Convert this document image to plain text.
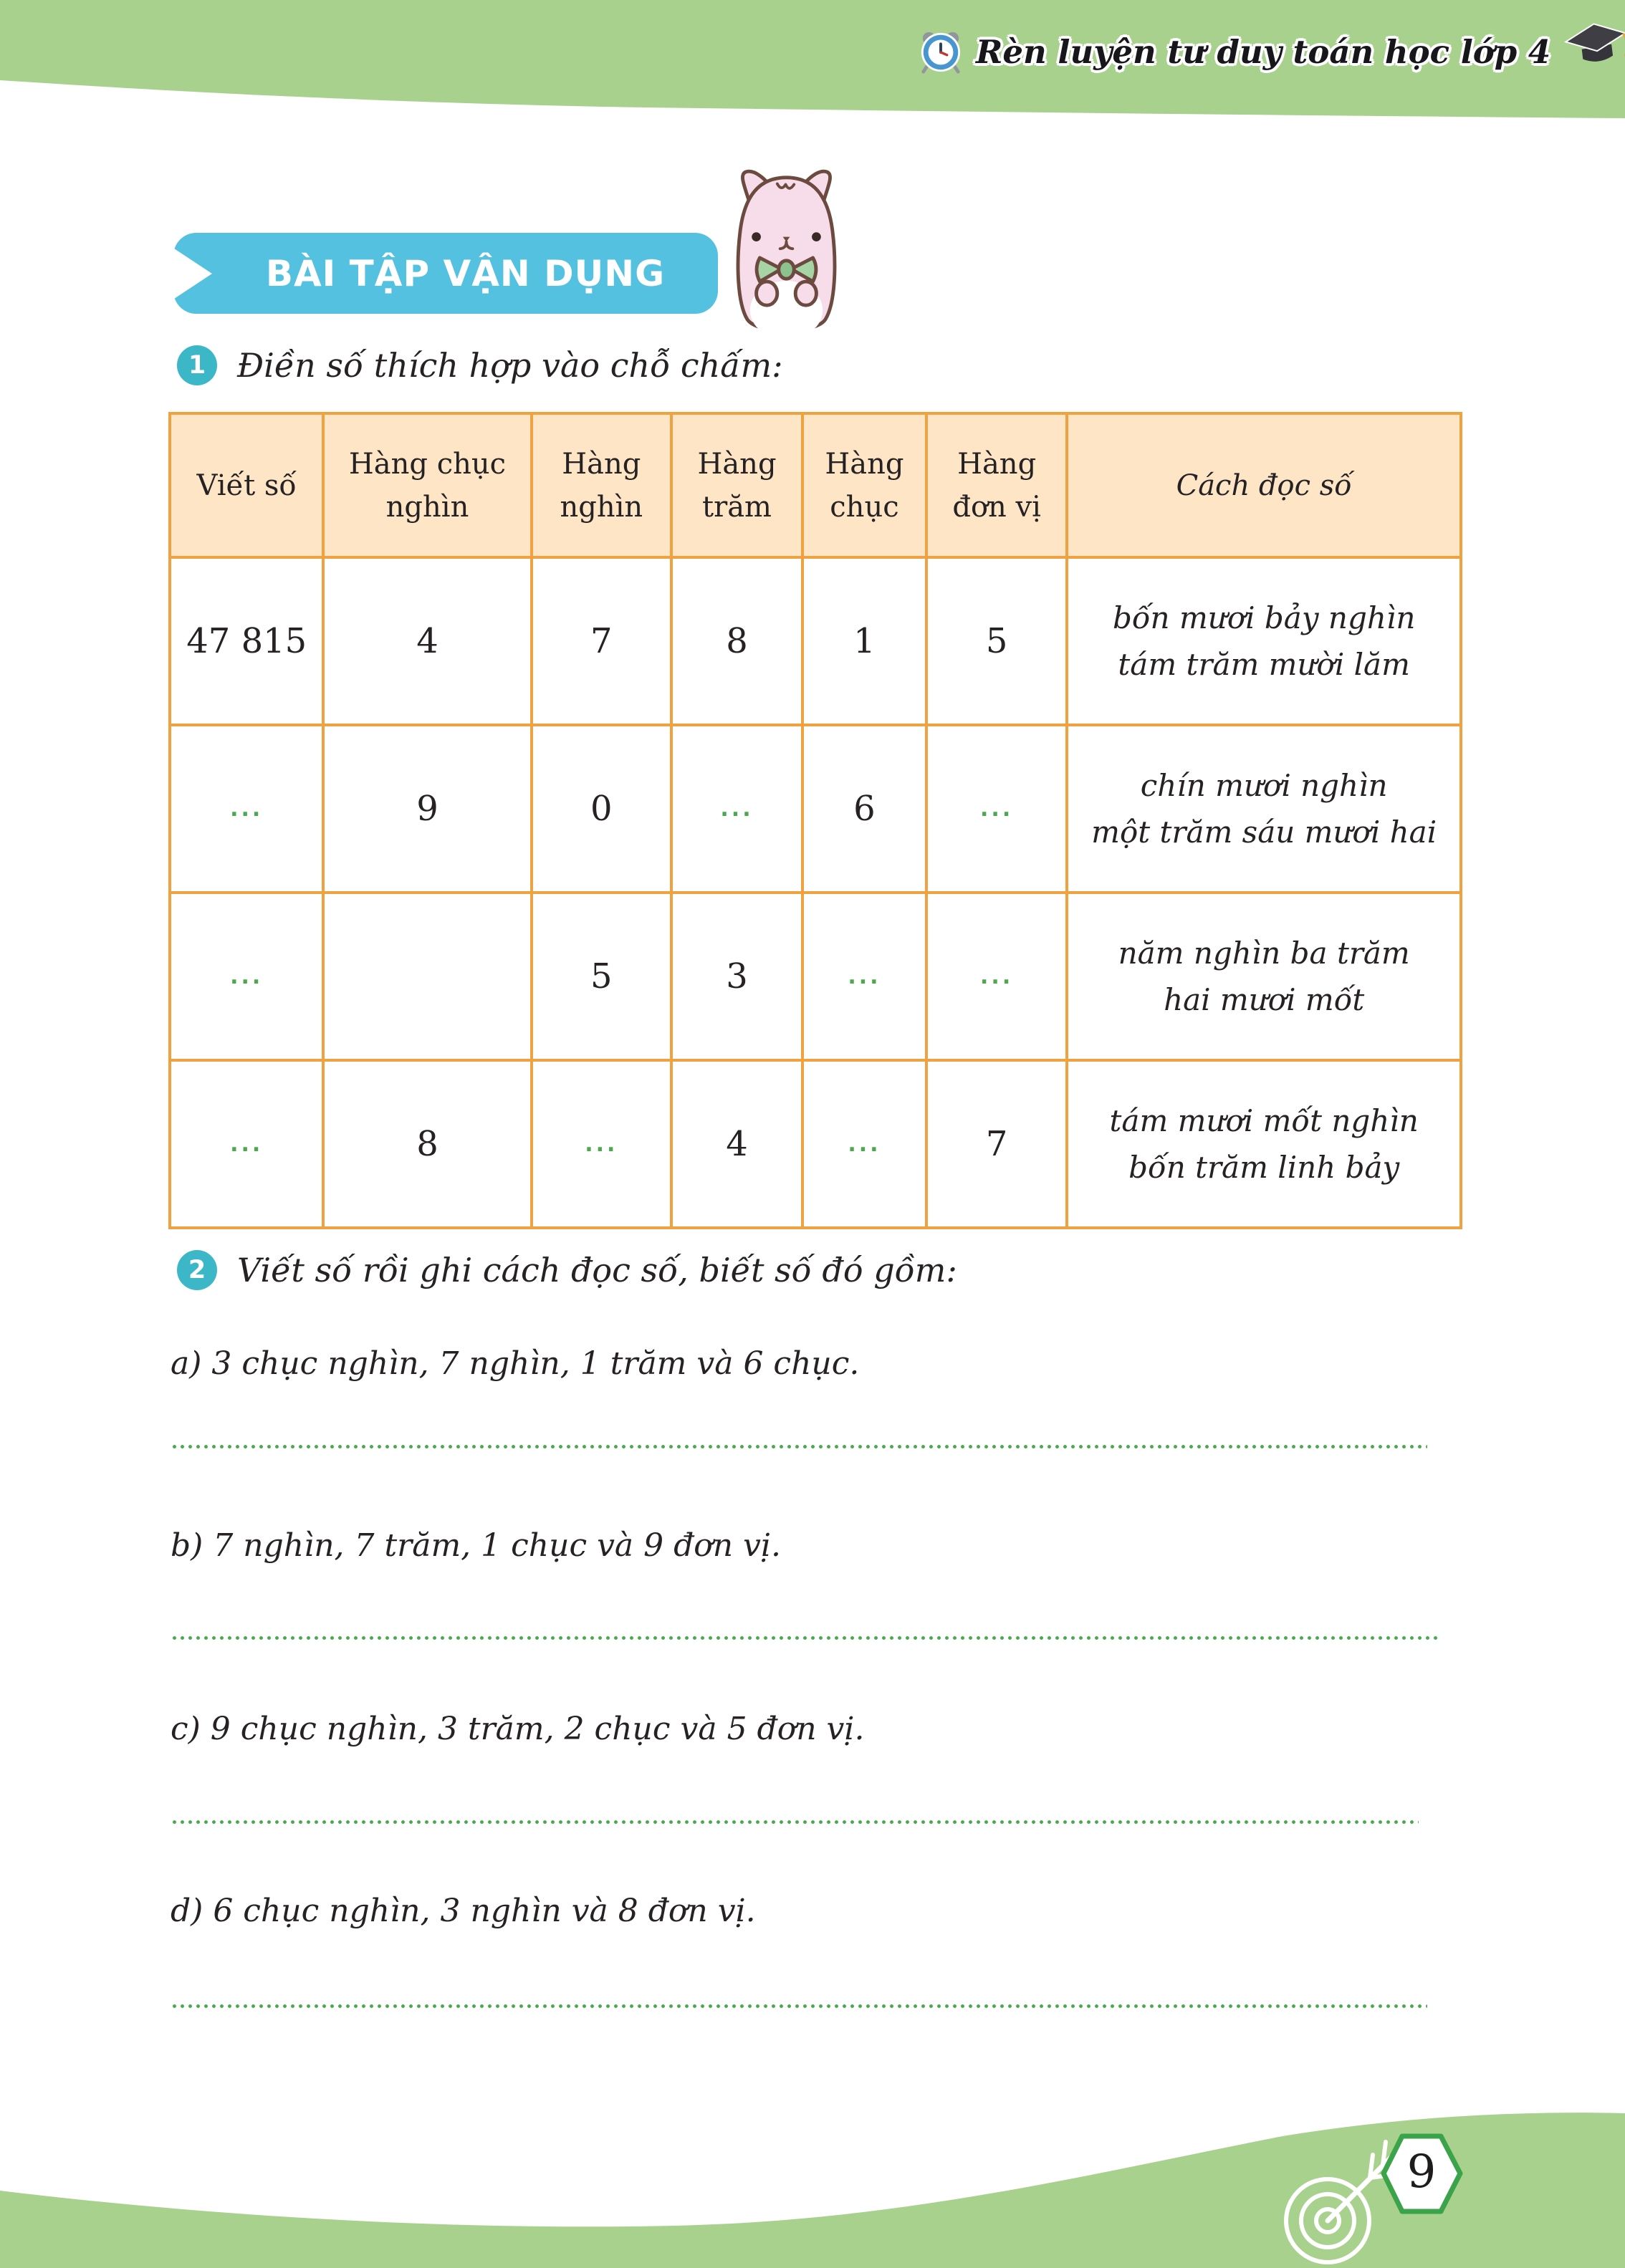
Rèn luyện tư duy toán học lớp 4
BÀI TẬP VẬN DỤNG
1 Điền số thích hợp vào chỗ chấm:
Viết số	Hàng chục nghìn	Hàng nghìn	Hàng trăm	Hàng chục	Hàng đơn vị	Cách đọc số
47 815	4	7	8	1	5	bốn mươi bảy nghìn
tám trăm mười lăm

...	9	0	...	6	...	chín mươi nghìn
một trăm sáu mươi hai

...		5	3	...	...	năm nghìn ba trăm
hai mươi mốt

...	8	...	4	...	7	tám mươi mốt nghìn
bốn trăm linh bảy
2 Viết số rồi ghi cách đọc số, biết số đó gồm:
a) 3 chục nghìn, 7 nghìn, 1 trăm và 6 chục.
b) 7 nghìn, 7 trăm, 1 chục và 9 đơn vị.
c) 9 chục nghìn, 3 trăm, 2 chục và 5 đơn vị.
d) 6 chục nghìn, 3 nghìn và 8 đơn vị.
9
